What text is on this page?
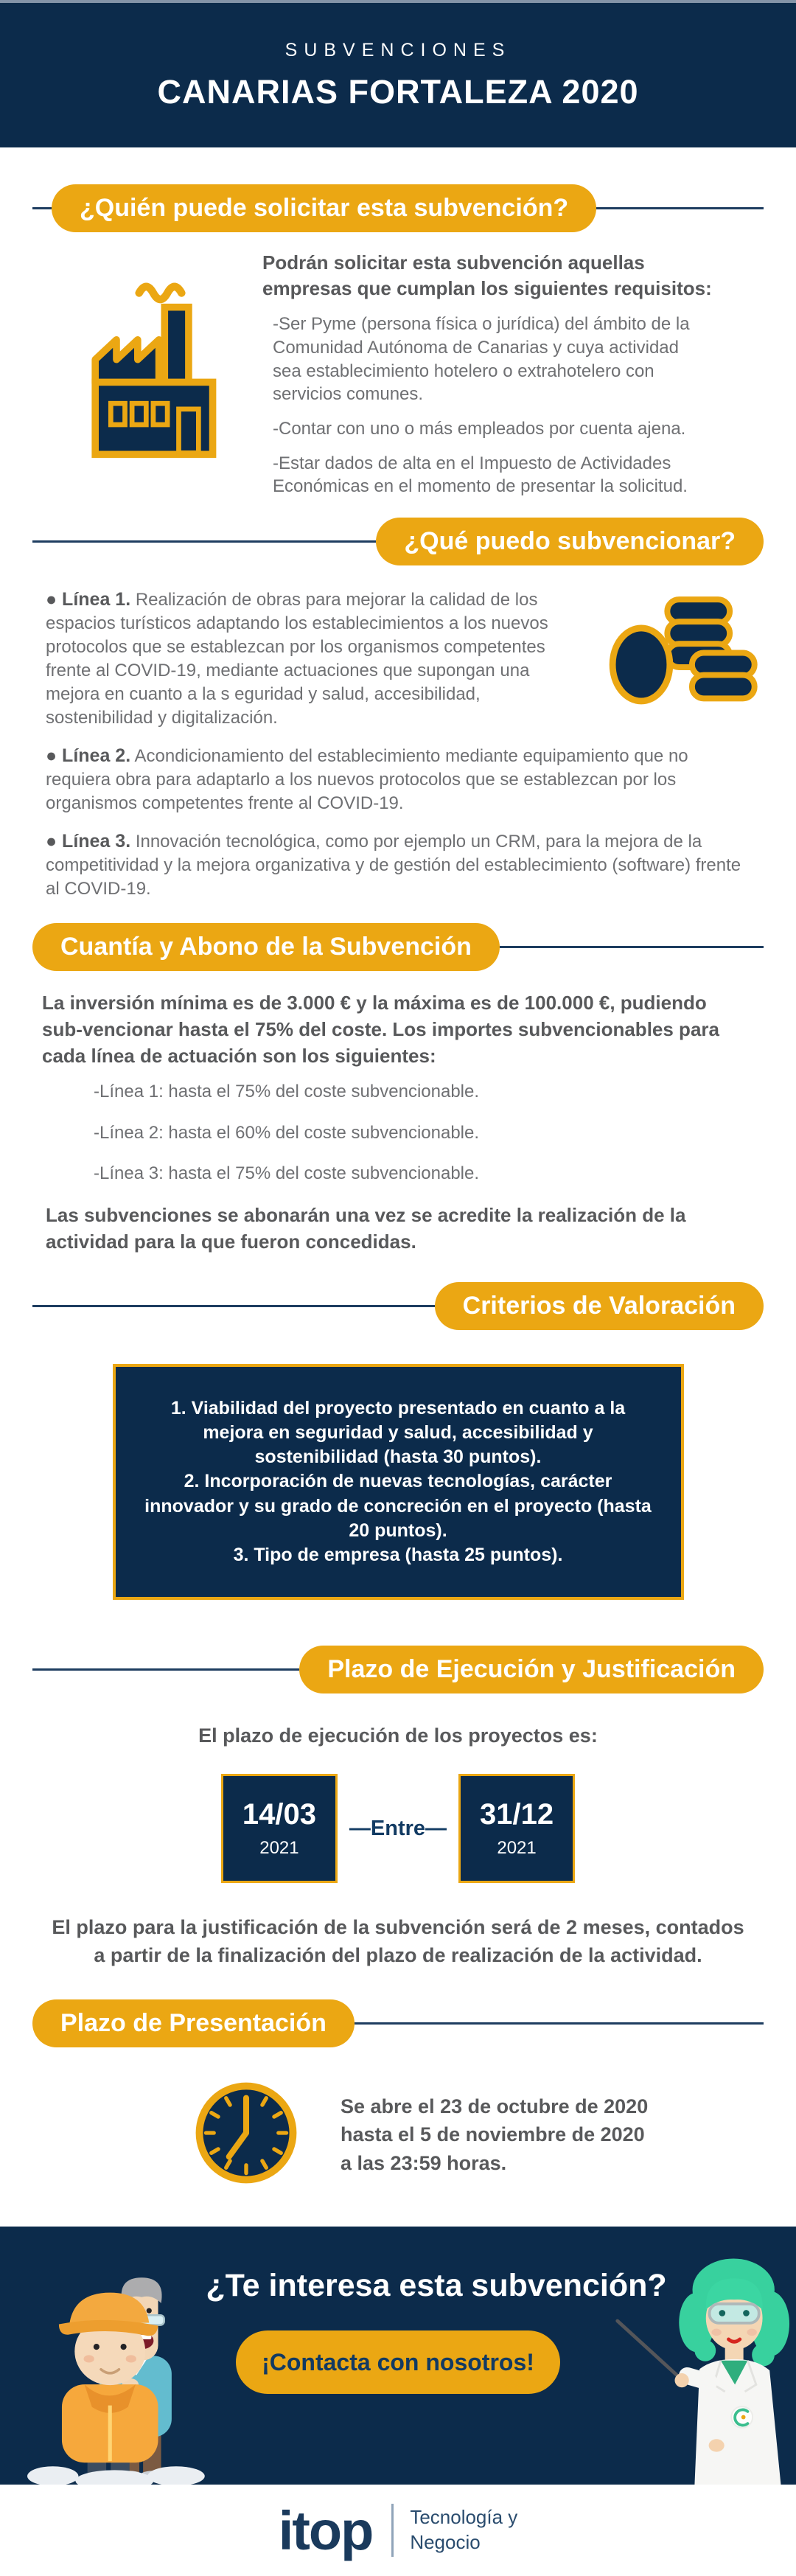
SUBVENCIONES
CANARIAS FORTALEZA 2020
¿Quién puede solicitar esta subvención?

Podrán solicitar esta subvención aquellas empresas que cumplan los siguientes requisitos:

-Ser Pyme (persona física o jurídica) del ámbito de la Comunidad Autónoma de Canarias y cuya actividad sea establecimiento hotelero o extrahotelero con servicios comunes.

-Contar con uno o más empleados por cuenta ajena.

-Estar dados de alta en el Impuesto de Actividades Económicas en el momento de presentar la solicitud.

¿Qué puedo subvencionar?

● Línea 1. Realización de obras para mejorar la calidad de los espacios turísticos adaptando los establecimientos a los nuevos protocolos que se establezcan por los organismos competentes frente al COVID-19, mediante actuaciones que supongan una mejora en cuanto a la s eguridad y salud, accesibilidad, sostenibilidad y digitalización.

● Línea 2. Acondicionamiento del establecimiento mediante equipamiento que no requiera obra para adaptarlo a los nuevos protocolos que se establezcan por los organismos competentes frente al COVID-19.

● Línea 3. Innovación tecnológica, como por ejemplo un CRM, para la mejora de la competitividad y la mejora organizativa y de gestión del establecimiento (software) frente al COVID-19.

Cuantía y Abono de la Subvención

La inversión mínima es de 3.000 € y la máxima es de 100.000 €, pudiendo sub-vencionar hasta el 75% del coste. Los importes subvencionables para cada línea de actuación son los siguientes:

-Línea 1: hasta el 75% del coste subvencionable.

-Línea 2: hasta el 60% del coste subvencionable.

-Línea 3: hasta el 75% del coste subvencionable.

Las subvenciones se abonarán una vez se acredite la realización de la actividad para la que fueron concedidas.

Criterios de Valoración

1. Viabilidad del proyecto presentado en cuanto a la mejora en seguridad y salud, accesibilidad y sostenibilidad (hasta 30 puntos).

2. Incorporación de nuevas tecnologías, carácter innovador y su grado de concreción en el proyecto (hasta 20 puntos).

3. Tipo de empresa (hasta 25 puntos).

Plazo de Ejecución y Justificación

El plazo de ejecución de los proyectos es:

14/03
2021
—Entre— 31/12
2021

El plazo para la justificación de la subvención será de 2 meses, contados a partir de la finalización del plazo de realización de la actividad.

Plazo de Presentación
Se abre el 23 de octubre de 2020
hasta el 5 de noviembre de 2020
a las 23:59 horas.
¿Te interesa esta subvención?
¡Contacta con nosotros!
itop Tecnología y
Negocio
